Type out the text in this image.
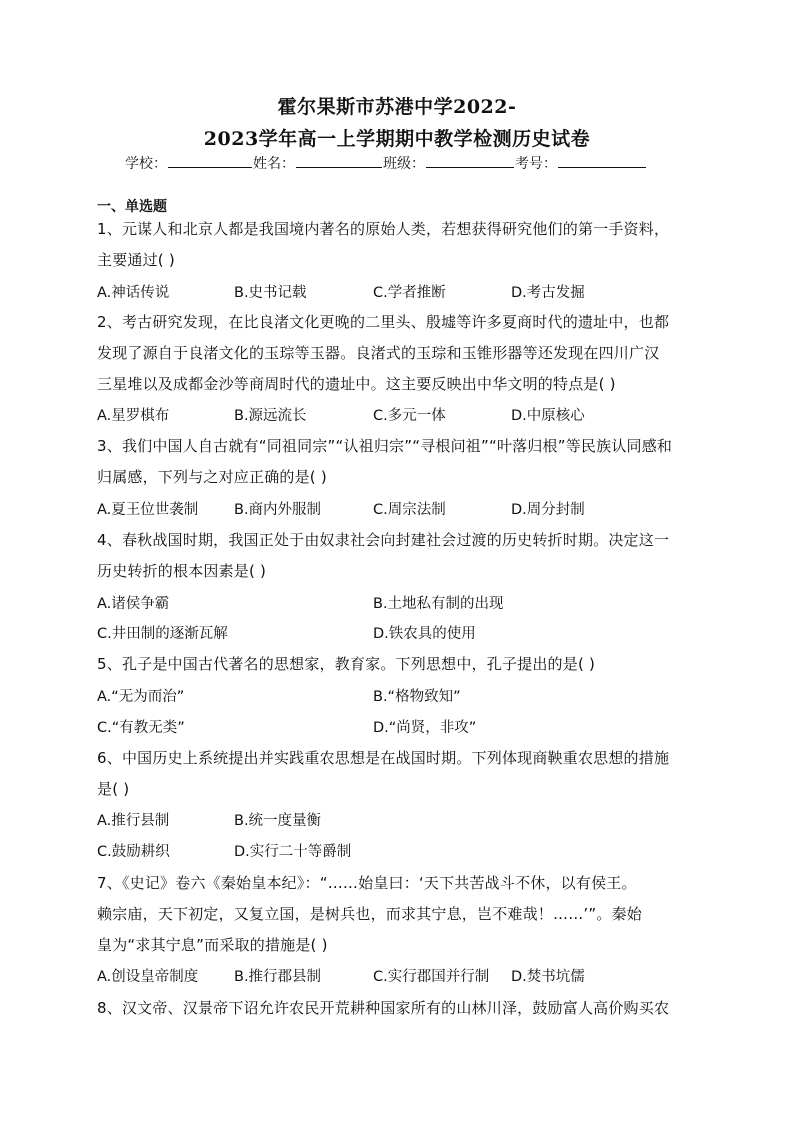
霍尔果斯市苏港中学2022-
2023学年高一上学期期中教学检测历史试卷
学校：	姓名：	班级：	考号：
一、单选题
1、元谋人和北京人都是我国境内著名的原始人类，若想获得研究他们的第一手资料，
主要通过( )
A.神话传说	B.史书记载	C.学者推断	D.考古发掘
2、考古研究发现，在比良渚文化更晚的二里头、殷墟等许多夏商时代的遗址中，也都
发现了源自于良渚文化的玉琮等玉器。良渚式的玉琮和玉锥形器等还发现在四川广汉
三星堆以及成都金沙等商周时代的遗址中。这主要反映出中华文明的特点是( )
A.星罗棋布	B.源远流长	C.多元一体	D.中原核心
3、我们中国人自古就有“同祖同宗”“认祖归宗”“寻根问祖”“叶落归根”等民族认同感和
归属感，下列与之对应正确的是( )
A.夏王位世袭制 B.商内外服制	C.周宗法制	D.周分封制
4、春秋战国时期，我国正处于由奴隶社会向封建社会过渡的历史转折时期。决定这一
历史转折的根本因素是( )
A.诸侯争霸	B.土地私有制的出现
C.井田制的逐渐瓦解	D.铁农具的使用
5、孔子是中国古代著名的思想家，教育家。下列思想中，孔子提出的是( )
A.“无为而治”	B.“格物致知”
C.“有教无类”	D.“尚贤，非攻”
6、中国历史上系统提出并实践重农思想是在战国时期。下列体现商鞅重农思想的措施
是( )
A.推行县制	B.统一度量衡
C.鼓励耕织	D.实行二十等爵制
7、《史记》卷六《秦始皇本纪》：“……始皇曰：‘天下共苦战斗不休，以有侯王。
赖宗庙，天下初定，又复立国，是树兵也，而求其宁息，岂不难哉！……’”。秦始
皇为“求其宁息”而采取的措施是( )
A.创设皇帝制度 B.推行郡县制	C.实行郡国并行制 D.焚书坑儒
8、汉文帝、汉景帝下诏允许农民开荒耕种国家所有的山林川泽，鼓励富人高价购买农
